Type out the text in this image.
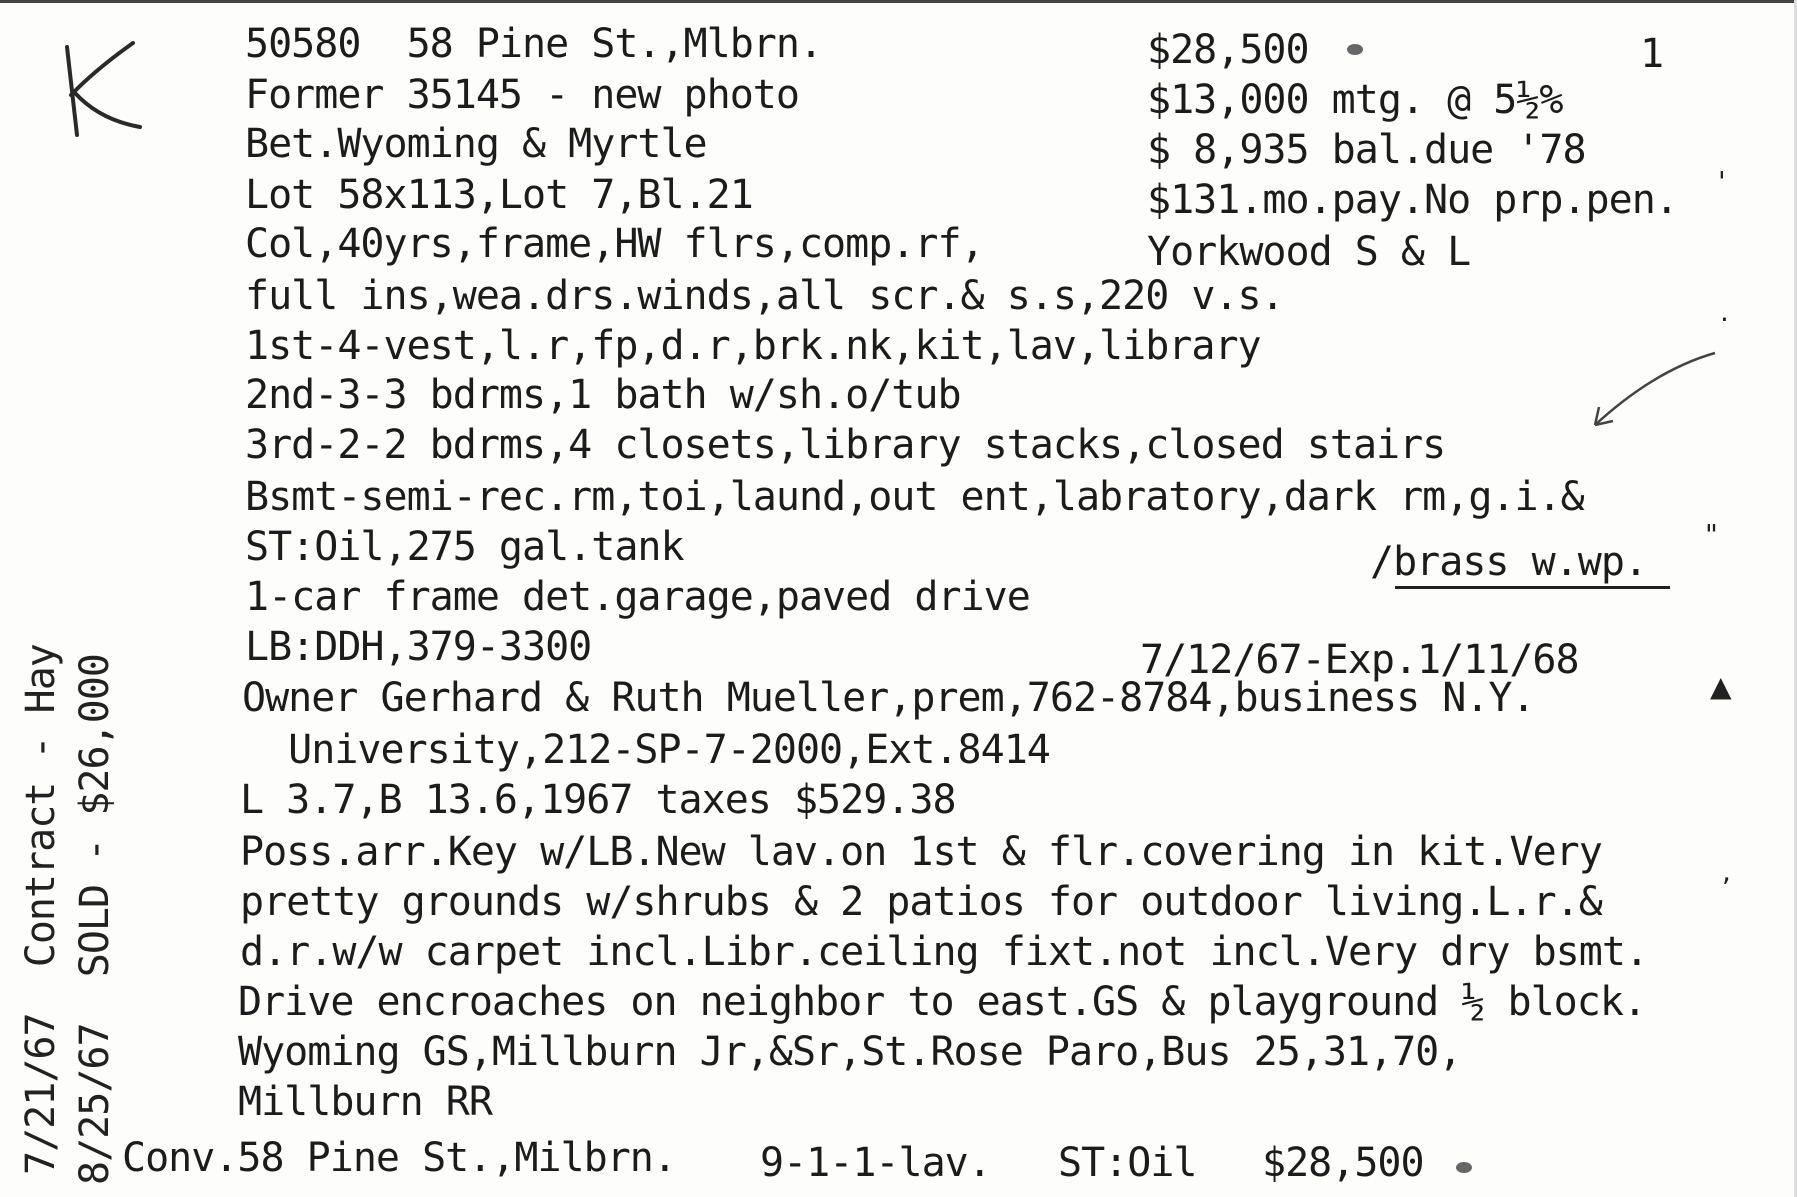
1
50580  58 Pine St.,Mlbrn.
Former 35145 - new photo
Bet.Wyoming & Myrtle
Lot 58x113,Lot 7,Bl.21
Col,40yrs,frame,HW flrs,comp.rf,
full ins,wea.drs.winds,all scr.& s.s,220 v.s.
1st-4-vest,l.r,fp,d.r,brk.nk,kit,lav,library
2nd-3-3 bdrms,1 bath w/sh.o/tub
3rd-2-2 bdrms,4 closets,library stacks,closed stairs
Bsmt-semi-rec.rm,toi,laund,out ent,labratory,dark rm,g.i.&
ST:Oil,275 gal.tank
1-car frame det.garage,paved drive
LB:DDH,379-3300
Owner Gerhard & Ruth Mueller,prem,762-8784,business N.Y.
University,212-SP-7-2000,Ext.8414
L 3.7,B 13.6,1967 taxes $529.38
Poss.arr.Key w/LB.New lav.on 1st & flr.covering in kit.Very
pretty grounds w/shrubs & 2 patios for outdoor living.L.r.&
d.r.w/w carpet incl.Libr.ceiling fixt.not incl.Very dry bsmt.
Drive encroaches on neighbor to east.GS & playground ½ block.
Wyoming GS,Millburn Jr,&Sr,St.Rose Paro,Bus 25,31,70,
Millburn RR
$28,500
$13,000 mtg. @ 5½%
$ 8,935 bal.due '78
$131.mo.pay.No prp.pen.
Yorkwood S & L
/brass w.wp.
7/12/67-Exp.1/11/68
'
.
"
▲
,
Conv.58 Pine St.,Milbrn. 9-1-1-lav. ST:Oil $28,500
7/21/67  Contract - Hay 8/25/67  SOLD - $26,000
